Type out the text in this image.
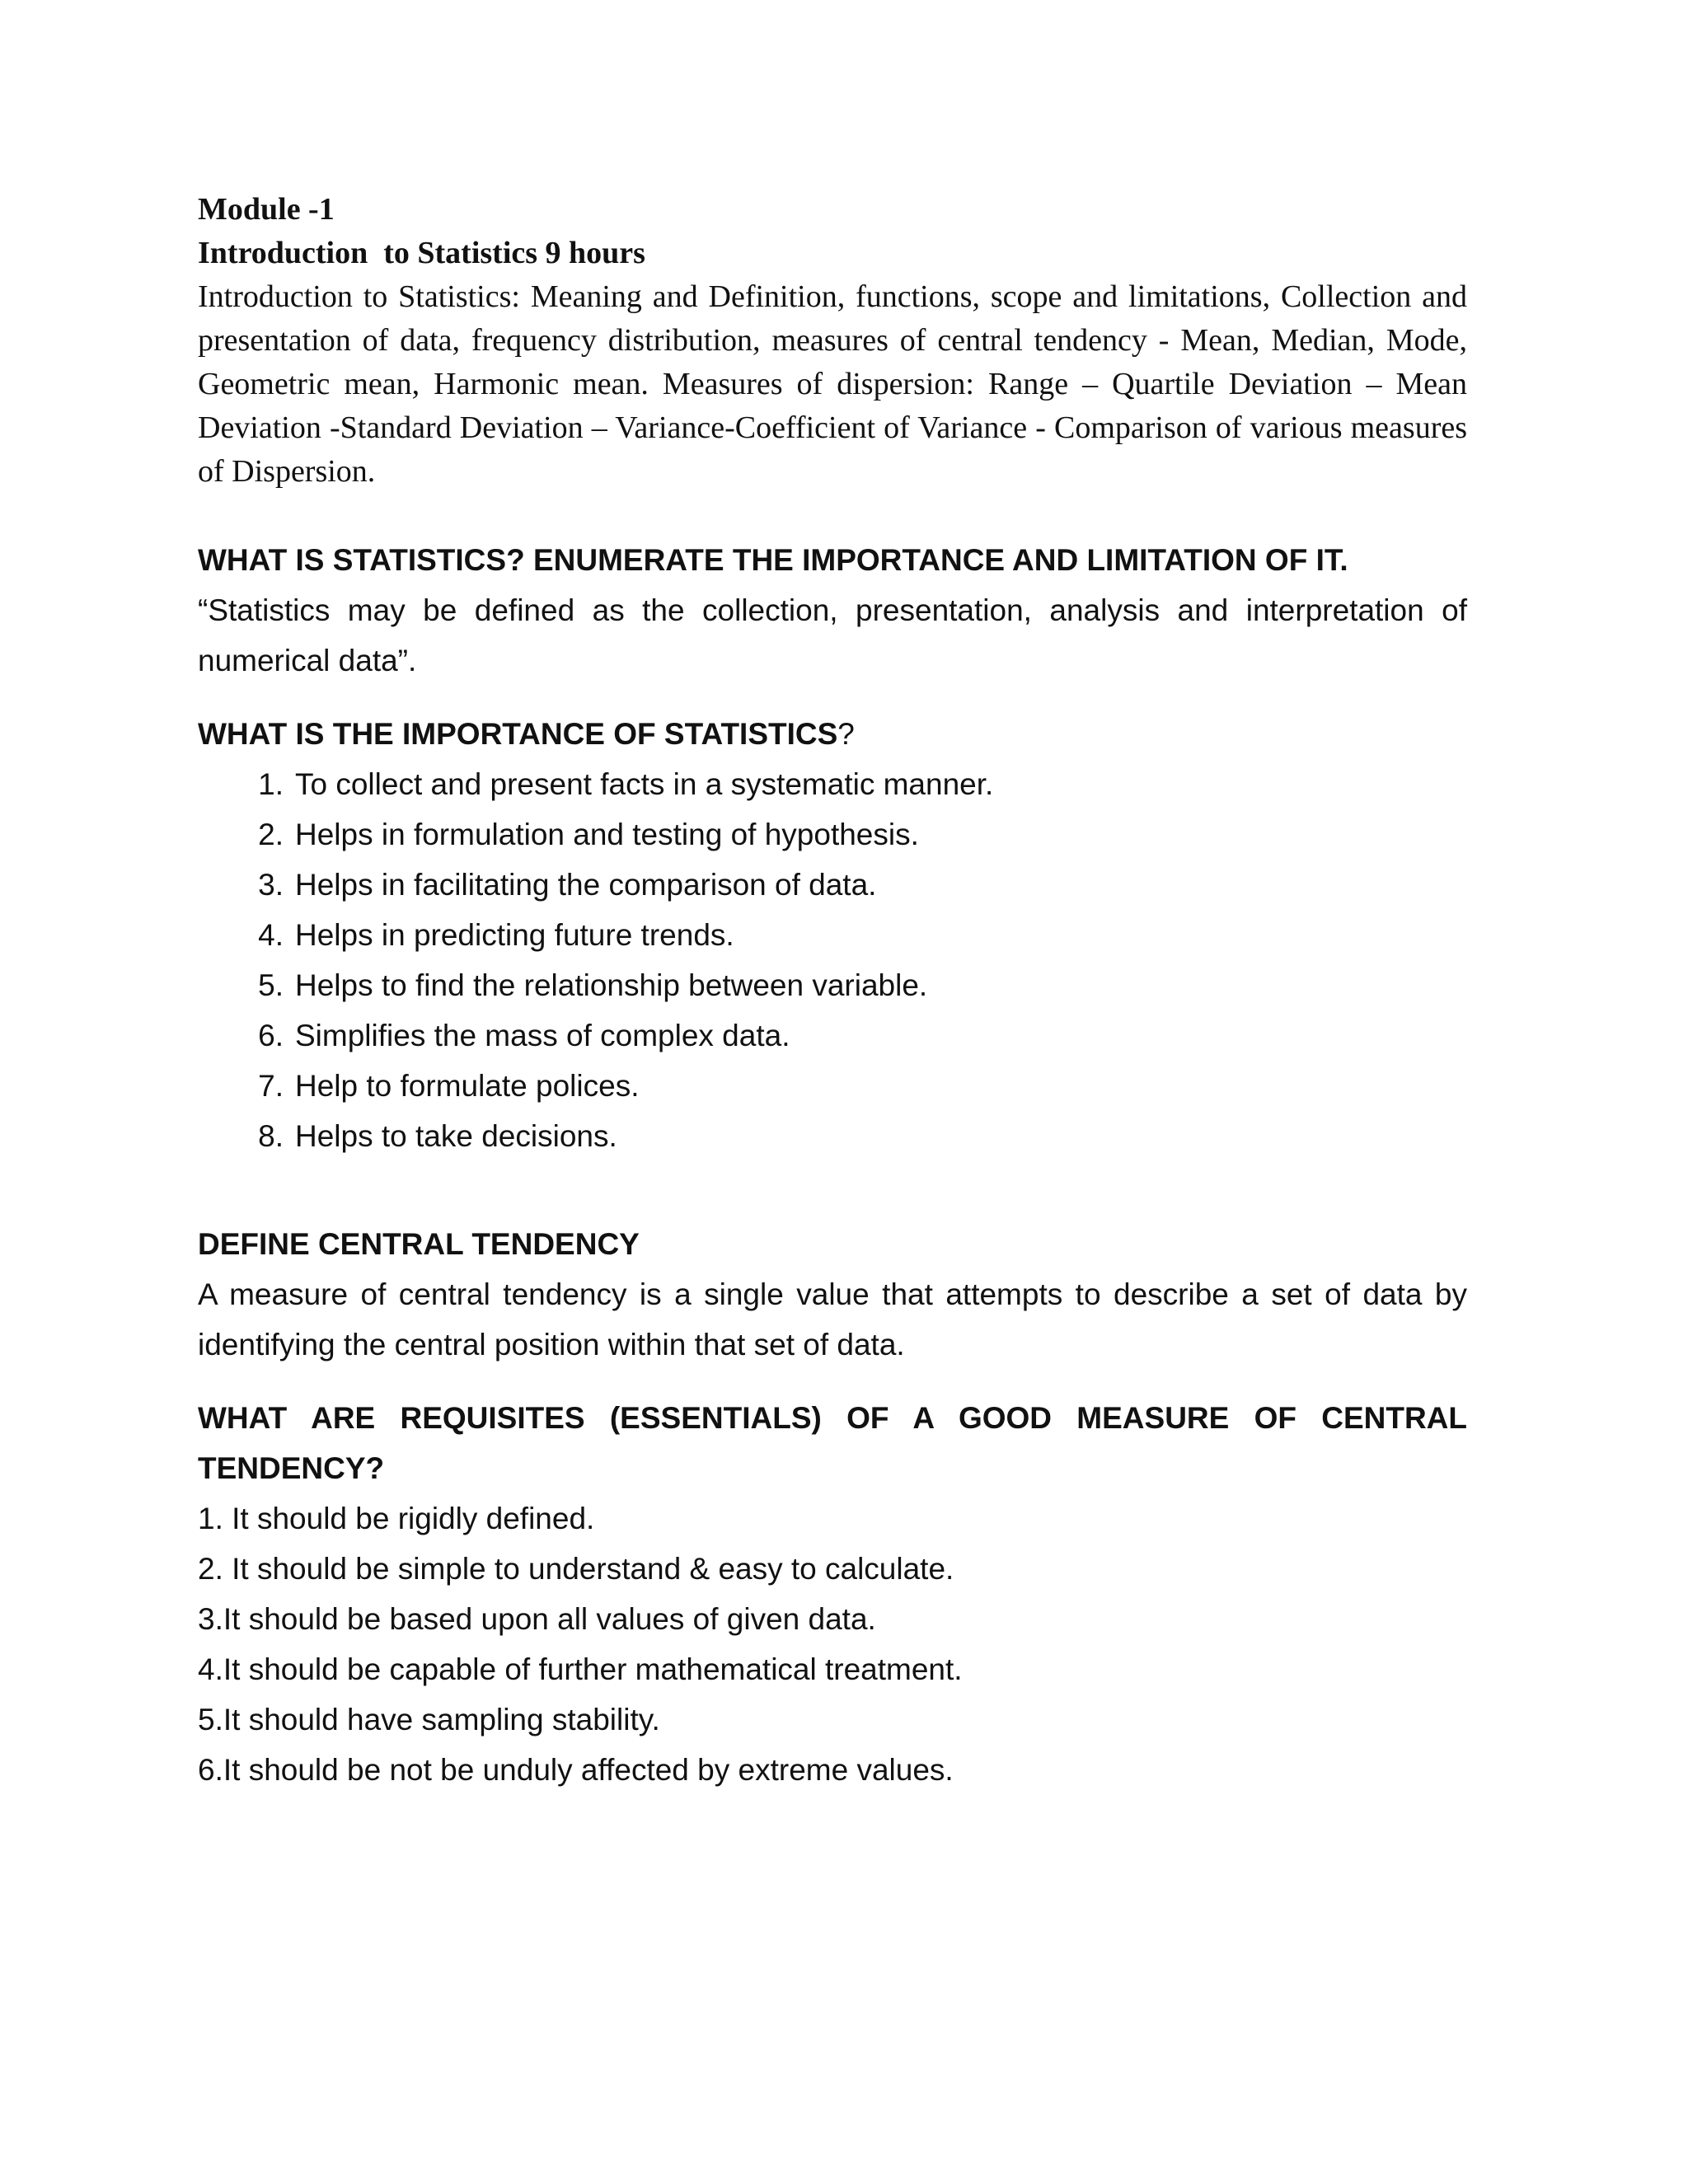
Module -1
Introduction  to Statistics 9 hours
Introduction to Statistics: Meaning and Definition, functions, scope and limitations, Collection and presentation of data, frequency distribution, measures of central tendency - Mean, Median, Mode, Geometric mean, Harmonic mean. Measures of dispersion: Range – Quartile Deviation – Mean Deviation -Standard Deviation – Variance-Coefficient of Variance - Comparison of various measures of Dispersion.
WHAT IS STATISTICS? ENUMERATE THE IMPORTANCE AND LIMITATION OF IT.
“Statistics may be defined as the collection, presentation, analysis and interpretation of numerical data”.
WHAT IS THE IMPORTANCE OF STATISTICS?
1. To collect and present facts in a systematic manner.
2. Helps in formulation and testing of hypothesis.
3. Helps in facilitating the comparison of data.
4. Helps in predicting future trends.
5. Helps to find the relationship between variable.
6. Simplifies the mass of complex data.
7. Help to formulate polices.
8. Helps to take decisions.
DEFINE CENTRAL TENDENCY
A measure of central tendency is a single value that attempts to describe a set of data by identifying the central position within that set of data.
WHAT ARE REQUISITES (ESSENTIALS) OF A GOOD MEASURE OF CENTRAL TENDENCY?
1. It should be rigidly defined.
2. It should be simple to understand & easy to calculate.
3.It should be based upon all values of given data.
4.It should be capable of further mathematical treatment.
5.It should have sampling stability.
6.It should be not be unduly affected by extreme values.
